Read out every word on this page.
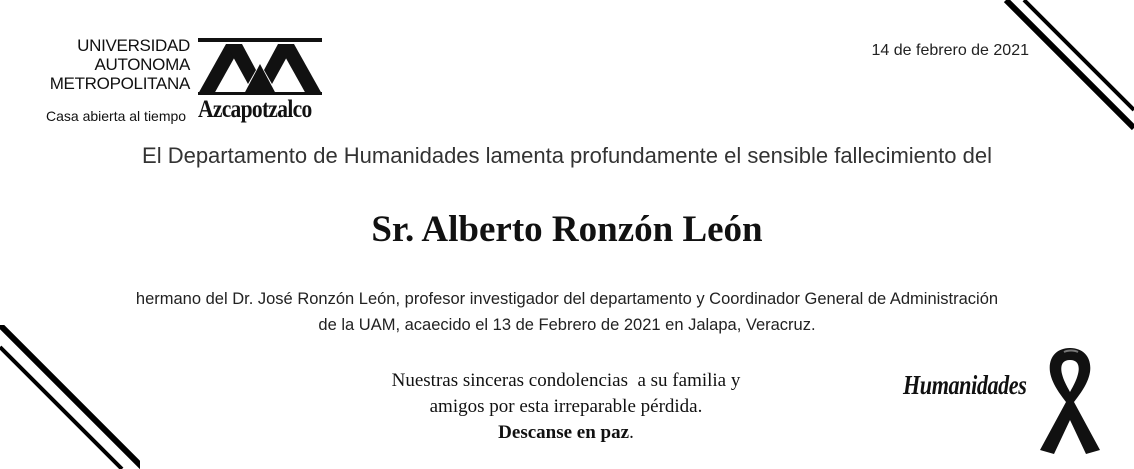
UNIVERSIDAD
AUTONOMA
METROPOLITANA
Casa abierta al tiempo Azcapotzalco
14 de febrero de 2021
El Departamento de Humanidades lamenta profundamente el sensible fallecimiento del
Sr. Alberto Ronzón León
hermano del Dr. José Ronzón León, profesor investigador del departamento y Coordinador General de Administración
de la UAM, acaecido el 13 de Febrero de 2021 en Jalapa, Veracruz.
Nuestras sinceras condolencias  a su familia y
amigos por esta irreparable pérdida.
Descanse en paz.
Humanidades
